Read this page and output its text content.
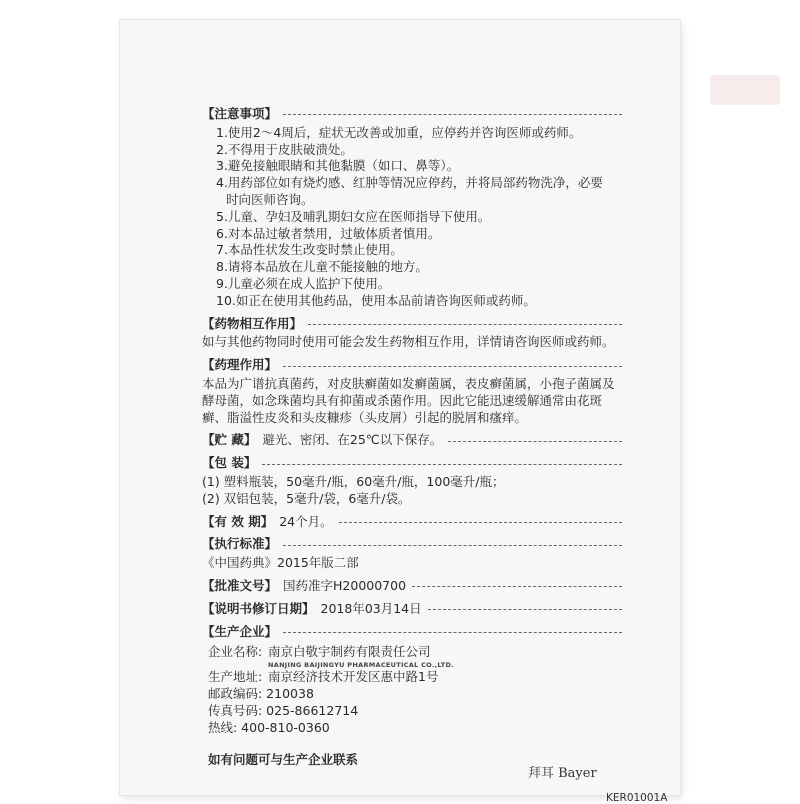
【注意事项】
1.使用2～4周后，症状无改善或加重，应停药并咨询医师或药师。
2.不得用于皮肤破溃处。
3.避免接触眼睛和其他黏膜（如口、鼻等）。
4.用药部位如有烧灼感、红肿等情况应停药，并将局部药物洗净，必要
时向医师咨询。
5.儿童、孕妇及哺乳期妇女应在医师指导下使用。
6.对本品过敏者禁用，过敏体质者慎用。
7.本品性状发生改变时禁止使用。
8.请将本品放在儿童不能接触的地方。
9.儿童必须在成人监护下使用。
10.如正在使用其他药品，使用本品前请咨询医师或药师。
【药物相互作用】

如与其他药物同时使用可能会发生药物相互作用，详情请咨询医师或药师。

【药理作用】

本品为广谱抗真菌药，对皮肤癣菌如发癣菌属，表皮癣菌属，小孢子菌属及酵母菌，如念珠菌均具有抑菌或杀菌作用。因此它能迅速缓解通常由花斑癣、脂溢性皮炎和头皮糠疹（头皮屑）引起的脱屑和瘙痒。

【贮 藏】 避光、密闭、在25℃以下保存。
【包 装】
(1) 塑料瓶装，50毫升/瓶，60毫升/瓶，100毫升/瓶；
(2) 双铝包装，5毫升/袋，6毫升/袋。
【有 效 期】 24个月。
【执行标准】
《中国药典》2015年版二部
【批准文号】 国药准字H20000700
【说明书修订日期】 2018年03月14日
【生产企业】
企业名称: 南京白敬宇制药有限责任公司
NANJING BAIJINGYU PHARMACEUTICAL CO.,LTD.
生产地址: 南京经济技术开发区惠中路1号
邮政编码: 210038
传真号码: 025-86612714
热线: 400-810-0360
如有问题可与生产企业联系
拜耳 Bayer
KER01001A
